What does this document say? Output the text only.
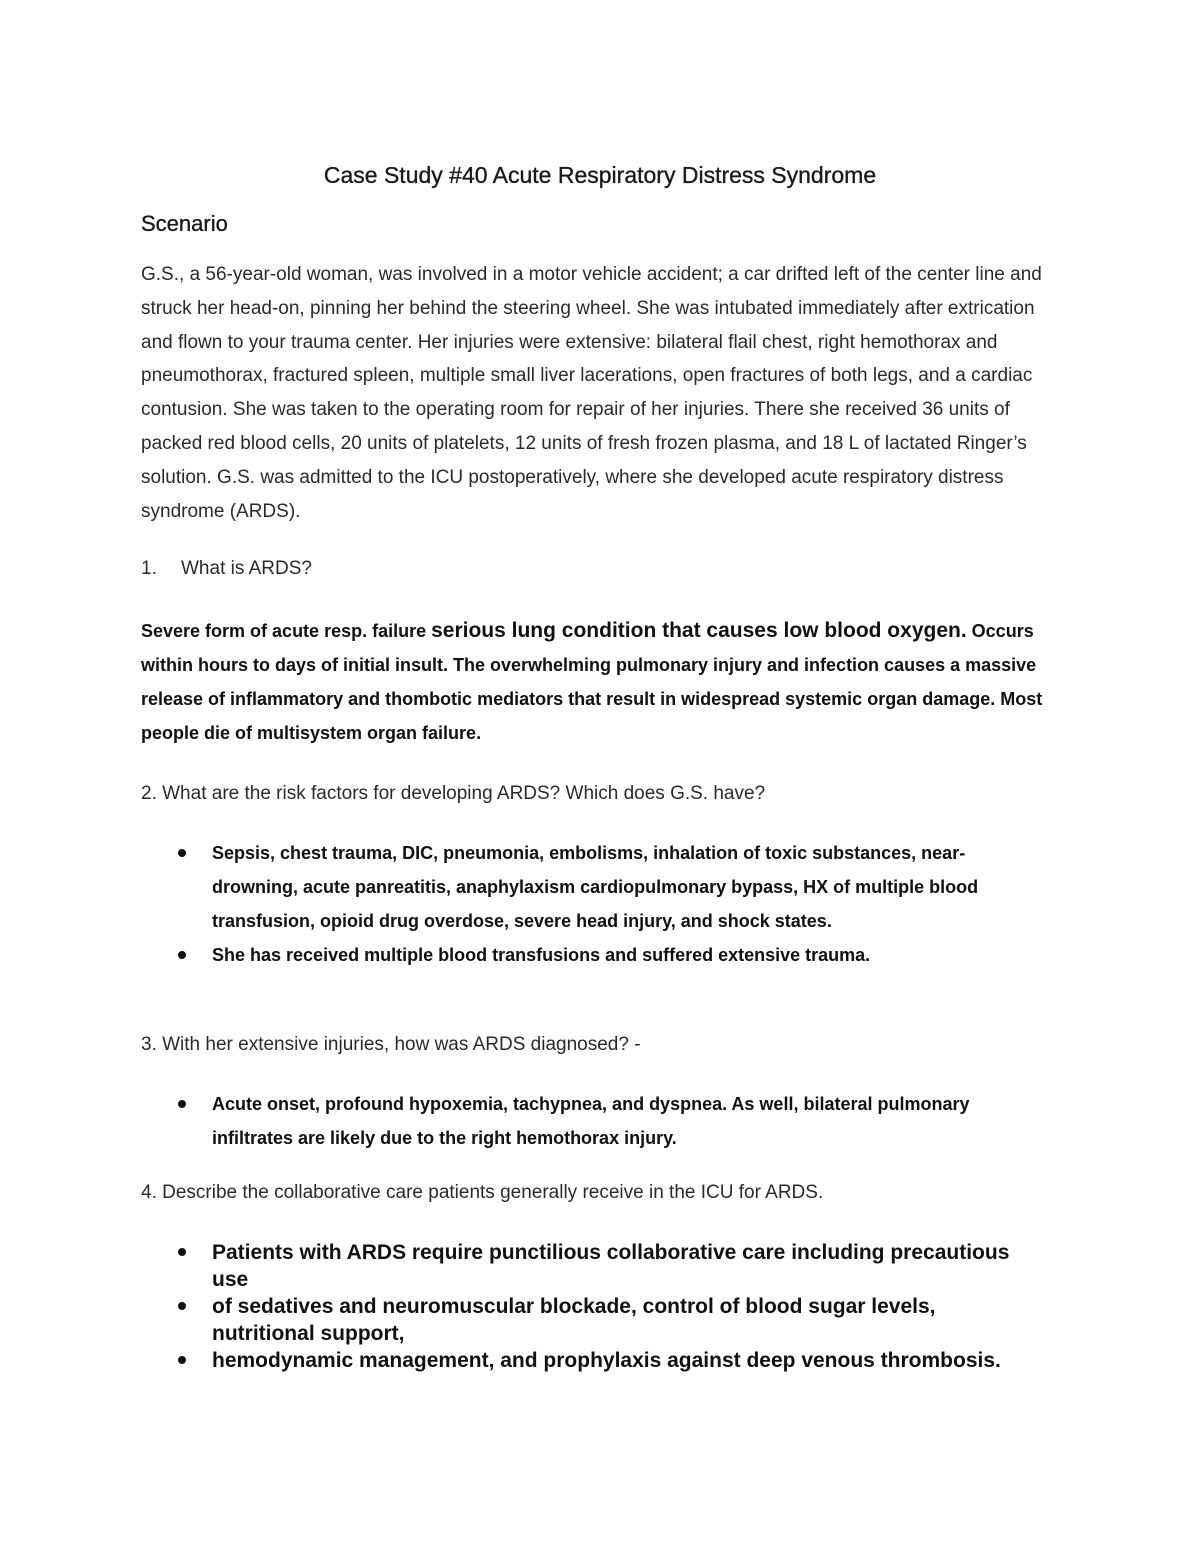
Case Study #40 Acute Respiratory Distress Syndrome
Scenario

G.S., a 56-year-old woman, was involved in a motor vehicle accident; a car drifted left of the center line and struck her head-on, pinning her behind the steering wheel. She was intubated immediately after extrication and flown to your trauma center. Her injuries were extensive: bilateral flail chest, right hemothorax and pneumothorax, fractured spleen, multiple small liver lacerations, open fractures of both legs, and a cardiac contusion. She was taken to the operating room for repair of her injuries. There she received 36 units of packed red blood cells, 20 units of platelets, 12 units of fresh frozen plasma, and 18 L of lactated Ringer’s solution. G.S. was admitted to the ICU postoperatively, where she developed acute respiratory distress syndrome (ARDS).

1. What is ARDS?

Severe form of acute resp. failure serious lung condition that causes low blood oxygen. Occurs within hours to days of initial insult. The overwhelming pulmonary injury and infection causes a massive release of inflammatory and thombotic mediators that result in widespread systemic organ damage. Most people die of multisystem organ failure.

2. What are the risk factors for developing ARDS? Which does G.S. have?

Sepsis, chest trauma, DIC, pneumonia, embolisms, inhalation of toxic substances, near-drowning, acute panreatitis, anaphylaxism cardiopulmonary bypass, HX of multiple blood transfusion, opioid drug overdose, severe head injury, and shock states.
She has received multiple blood transfusions and suffered extensive trauma.

3. With her extensive injuries, how was ARDS diagnosed? -

Acute onset, profound hypoxemia, tachypnea, and dyspnea. As well, bilateral pulmonary infiltrates are likely due to the right hemothorax injury.

4. Describe the collaborative care patients generally receive in the ICU for ARDS.

Patients with ARDS require punctilious collaborative care including precautious use
of sedatives and neuromuscular blockade, control of blood sugar levels, nutritional support,
hemodynamic management, and prophylaxis against deep venous thrombosis.
